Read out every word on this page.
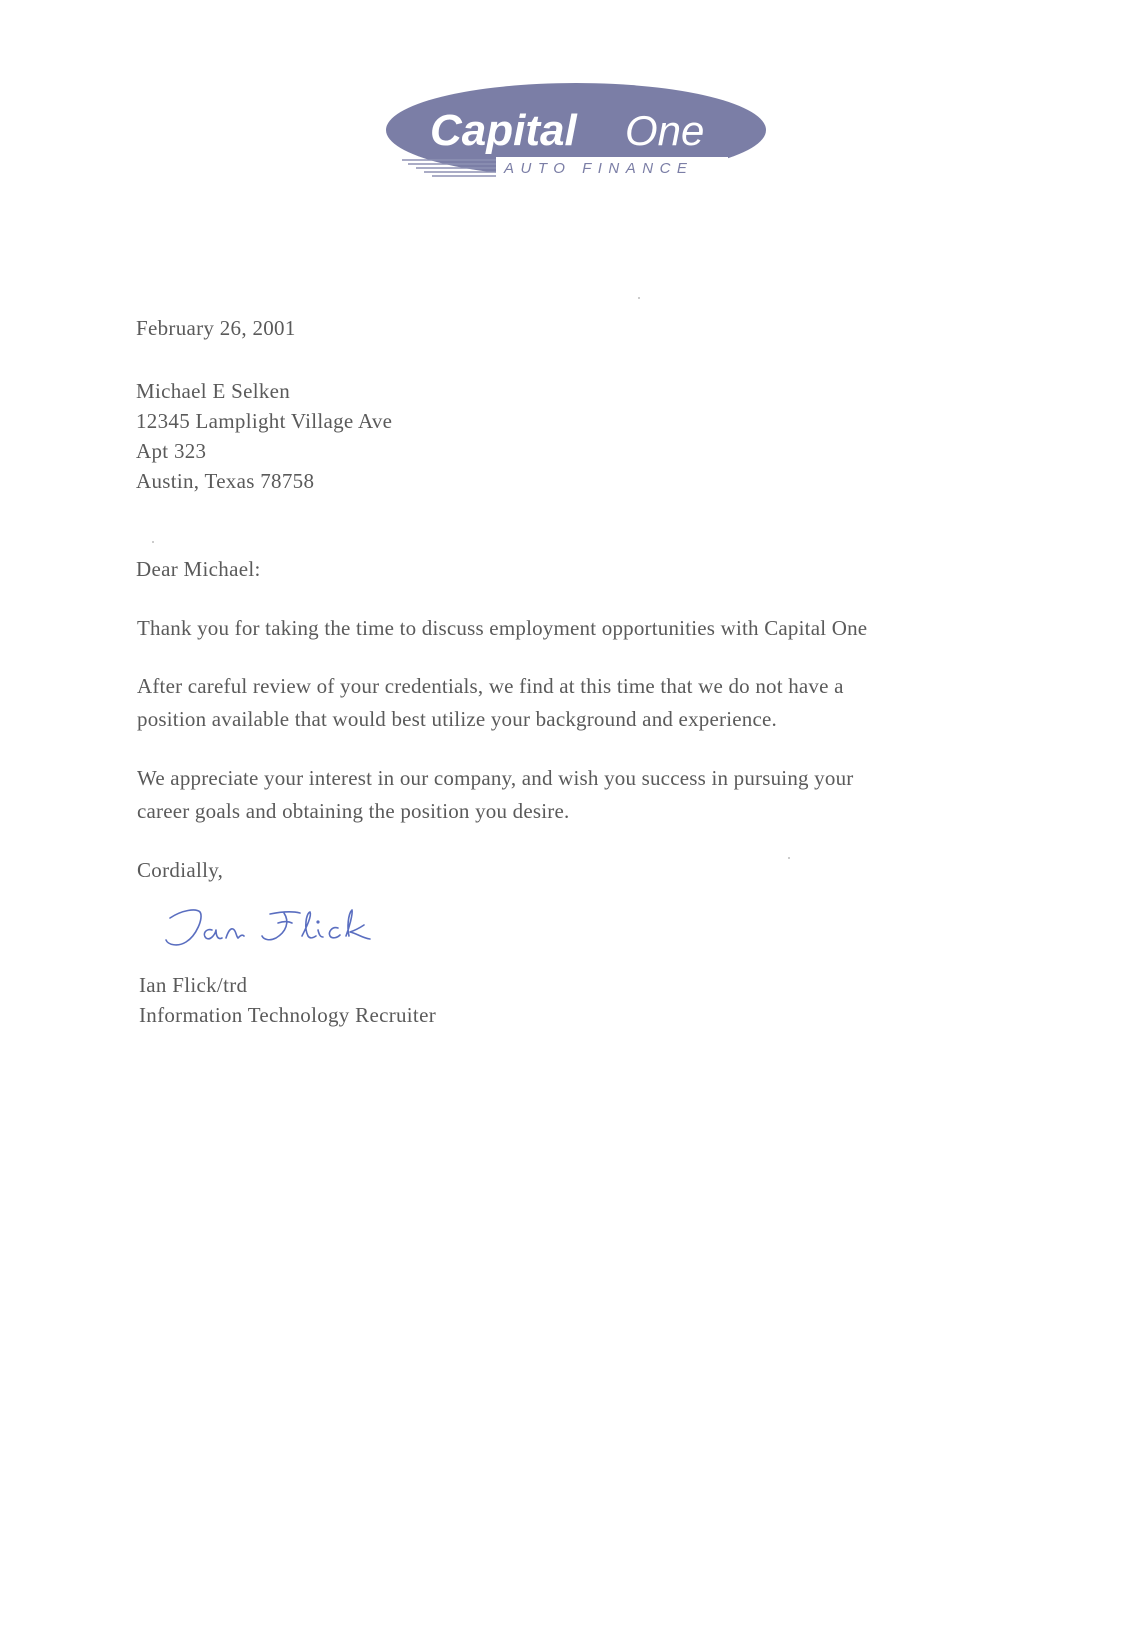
Capital One
AUTO FINANCE
February 26, 2001
Michael E Selken
12345 Lamplight Village Ave
Apt 323
Austin, Texas 78758
Dear Michael:
Thank you for taking the time to discuss employment opportunities with Capital One
After careful review of your credentials, we find at this time that we do not have a
position available that would best utilize your background and experience.
We appreciate your interest in our company, and wish you success in pursuing your
career goals and obtaining the position you desire.
Cordially,
Ian Flick/trd
Information Technology Recruiter
